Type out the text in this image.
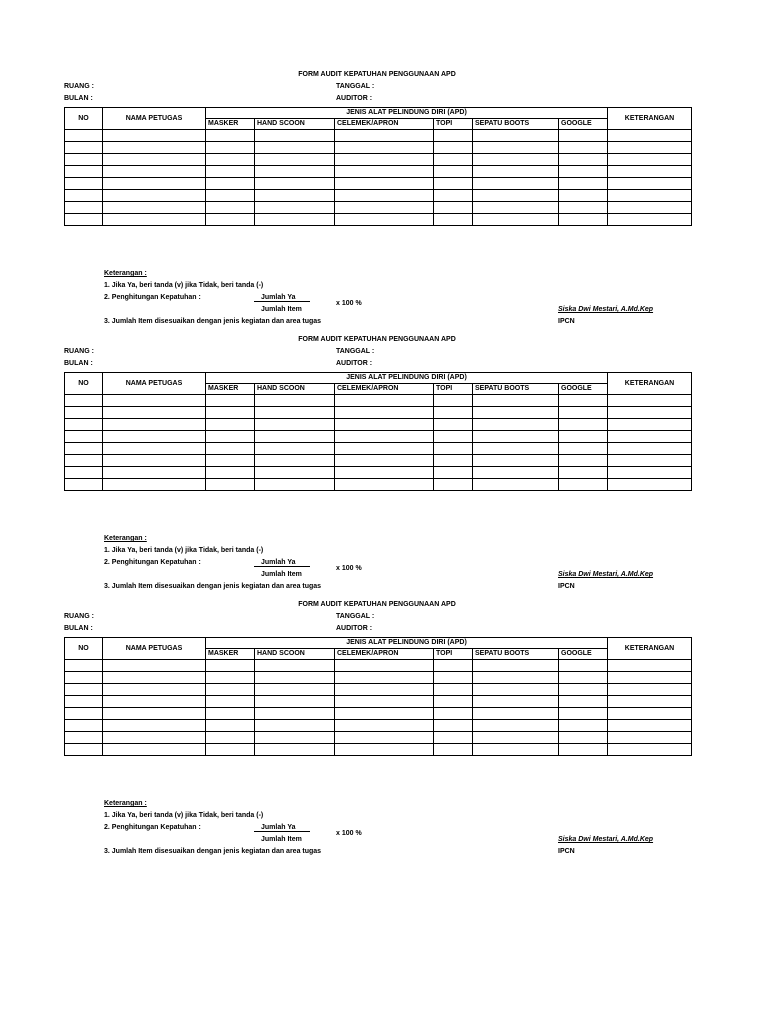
FORM AUDIT KEPATUHAN PENGGUNAAN APD
RUANG :
BULAN :
TANGGAL :
AUDITOR :
NO	NAMA PETUGAS	JENIS ALAT PELINDUNG DIRI (APD)						KETERANGAN
		MASKER	HAND SCOON	CELEMEK/APRON	TOPI	SEPATU BOOTS	GOOGLE	

Keterangan :
1. Jika Ya, beri tanda (v) jika Tidak, beri tanda (-)
2. Penghitungan Kepatuhan :	Jumlah Ya
Jumlah Item
x 100 %
3. Jumlah Item disesuaikan dengan jenis kegiatan dan area tugas
Siska Dwi Mestari, A.Md.Kep
IPCN
FORM AUDIT KEPATUHAN PENGGUNAAN APD
RUANG :
BULAN :
TANGGAL :
AUDITOR :
NO	NAMA PETUGAS	JENIS ALAT PELINDUNG DIRI (APD)						KETERANGAN
		MASKER	HAND SCOON	CELEMEK/APRON	TOPI	SEPATU BOOTS	GOOGLE	

Keterangan :
1. Jika Ya, beri tanda (v) jika Tidak, beri tanda (-)
2. Penghitungan Kepatuhan :	Jumlah Ya
Jumlah Item
x 100 %
3. Jumlah Item disesuaikan dengan jenis kegiatan dan area tugas
Siska Dwi Mestari, A.Md.Kep
IPCN
FORM AUDIT KEPATUHAN PENGGUNAAN APD
RUANG :
BULAN :
TANGGAL :
AUDITOR :
NO	NAMA PETUGAS	JENIS ALAT PELINDUNG DIRI (APD)						KETERANGAN
		MASKER	HAND SCOON	CELEMEK/APRON	TOPI	SEPATU BOOTS	GOOGLE	

Keterangan :
1. Jika Ya, beri tanda (v) jika Tidak, beri tanda (-)
2. Penghitungan Kepatuhan :	Jumlah Ya
Jumlah Item
x 100 %
3. Jumlah Item disesuaikan dengan jenis kegiatan dan area tugas
Siska Dwi Mestari, A.Md.Kep
IPCN
